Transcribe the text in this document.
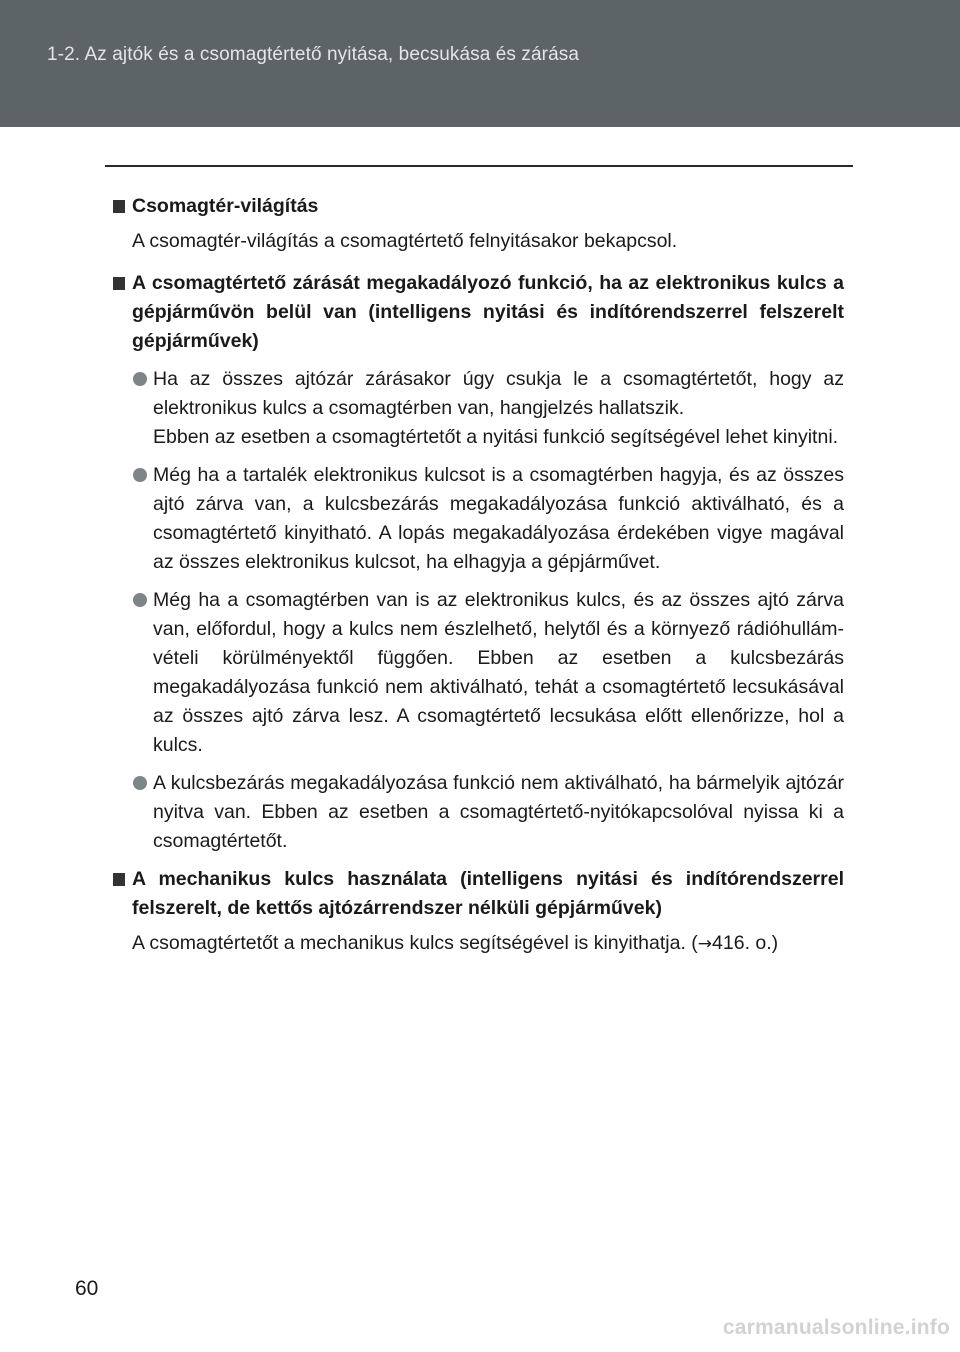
1-2. Az ajtók és a csomagtértető nyitása, becsukása és zárása
Csomagtér-világítás
A csomagtér-világítás a csomagtértető felnyitásakor bekapcsol.
A csomagtértető zárását megakadályozó funkció, ha az elektronikus kulcs a gépjárművön belül van (intelligens nyitási és indítórendszerrel felszerelt gépjárművek)
Ha az összes ajtózár zárásakor úgy csukja le a csomagtértetőt, hogy az elektronikus kulcs a csomagtérben van, hangjelzés hallatszik.
Ebben az esetben a csomagtértetőt a nyitási funkció segítségével lehet kinyitni.
Még ha a tartalék elektronikus kulcsot is a csomagtérben hagyja, és az összes ajtó zárva van, a kulcsbezárás megakadályozása funkció aktiválható, és a csomagtértető kinyitható. A lopás megakadályozása érdekében vigye magával az összes elektronikus kulcsot, ha elhagyja a gépjárművet.
Még ha a csomagtérben van is az elektronikus kulcs, és az összes ajtó zárva van, előfordul, hogy a kulcs nem észlelhető, helytől és a környező rádióhullám-vételi körülményektől függően. Ebben az esetben a kulcsbezárás megakadályozása funkció nem aktiválható, tehát a csomagtértető lecsukásával az összes ajtó zárva lesz. A csomagtértető lecsukása előtt ellenőrizze, hol a kulcs.
A kulcsbezárás megakadályozása funkció nem aktiválható, ha bármelyik ajtózár nyitva van. Ebben az esetben a csomagtértető-nyitókapcsolóval nyissa ki a csomagtértetőt.
A mechanikus kulcs használata (intelligens nyitási és indítórendszerrel felszerelt, de kettős ajtózárrendszer nélküli gépjárművek)
A csomagtértetőt a mechanikus kulcs segítségével is kinyithatja. (→416. o.)
60
carmanualsonline.info
